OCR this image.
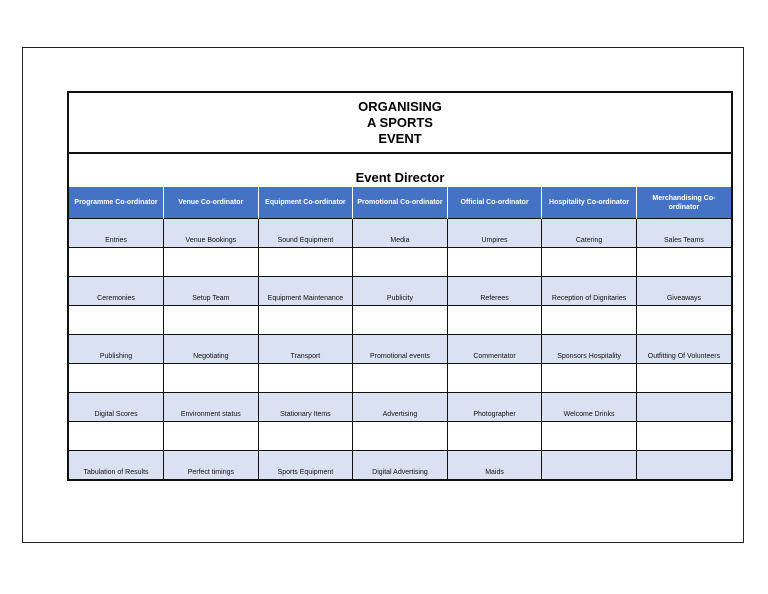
ORGANISING
A SPORTS
EVENT
Event Director
Programme Co-ordinator	Venue Co-ordinator	Equipment Co-ordinator	Promotional Co-ordinator	Official Co-ordinator	Hospitality Co-ordinator	Merchandising Co-ordinator
Entries	Venue Bookings	Sound Equipment	Media	Umpires	Catering	Sales Teams

Ceremonies	Setup Team	Equipment Maintenance	Publicity	Referees	Reception of Dignitaries	Giveaways

Publishing	Negotiating	Transport	Promotional events	Commentator	Sponsors Hospitality	Outfitting Of Volunteers

Digital Scores	Environment status	Stationary Items	Advertising	Photographer	Welcome Drinks	

Tabulation of Results	Perfect timings	Sports Equipment	Digital Advertising	Maids		
